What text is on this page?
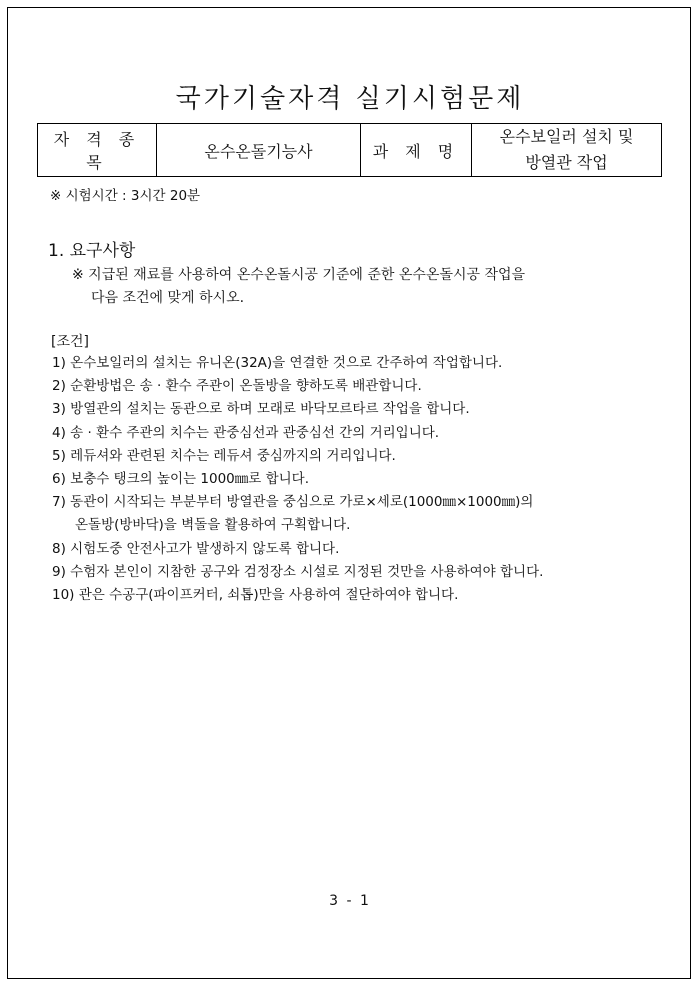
국가기술자격 실기시험문제
자 격 종 목	온수온돌기능사	과 제 명	온수보일러 설치 및
방열관 작업
※ 시험시간 : 3시간 20분
1. 요구사항
※ 지급된 재료를 사용하여 온수온돌시공 기준에 준한 온수온돌시공 작업을
다음 조건에 맞게 하시오.
[조건]
1) 온수보일러의 설치는 유니온(32A)을 연결한 것으로 간주하여 작업합니다.
2) 순환방법은 송 · 환수 주관이 온돌방을 향하도록 배관합니다.
3) 방열관의 설치는 동관으로 하며 모래로 바닥모르타르 작업을 합니다.
4) 송 · 환수 주관의 치수는 관중심선과 관중심선 간의 거리입니다.
5) 레듀셔와 관련된 치수는 레듀셔 중심까지의 거리입니다.
6) 보충수 탱크의 높이는 1000㎜로 합니다.
7) 동관이 시작되는 부분부터 방열관을 중심으로 가로×세로(1000㎜×1000㎜)의
온돌방(방바닥)을 벽돌을 활용하여 구획합니다.
8) 시험도중 안전사고가 발생하지 않도록 합니다.
9) 수험자 본인이 지참한 공구와 검정장소 시설로 지정된 것만을 사용하여야 합니다.
10) 관은 수공구(파이프커터, 쇠톱)만을 사용하여 절단하여야 합니다.
3 - 1
